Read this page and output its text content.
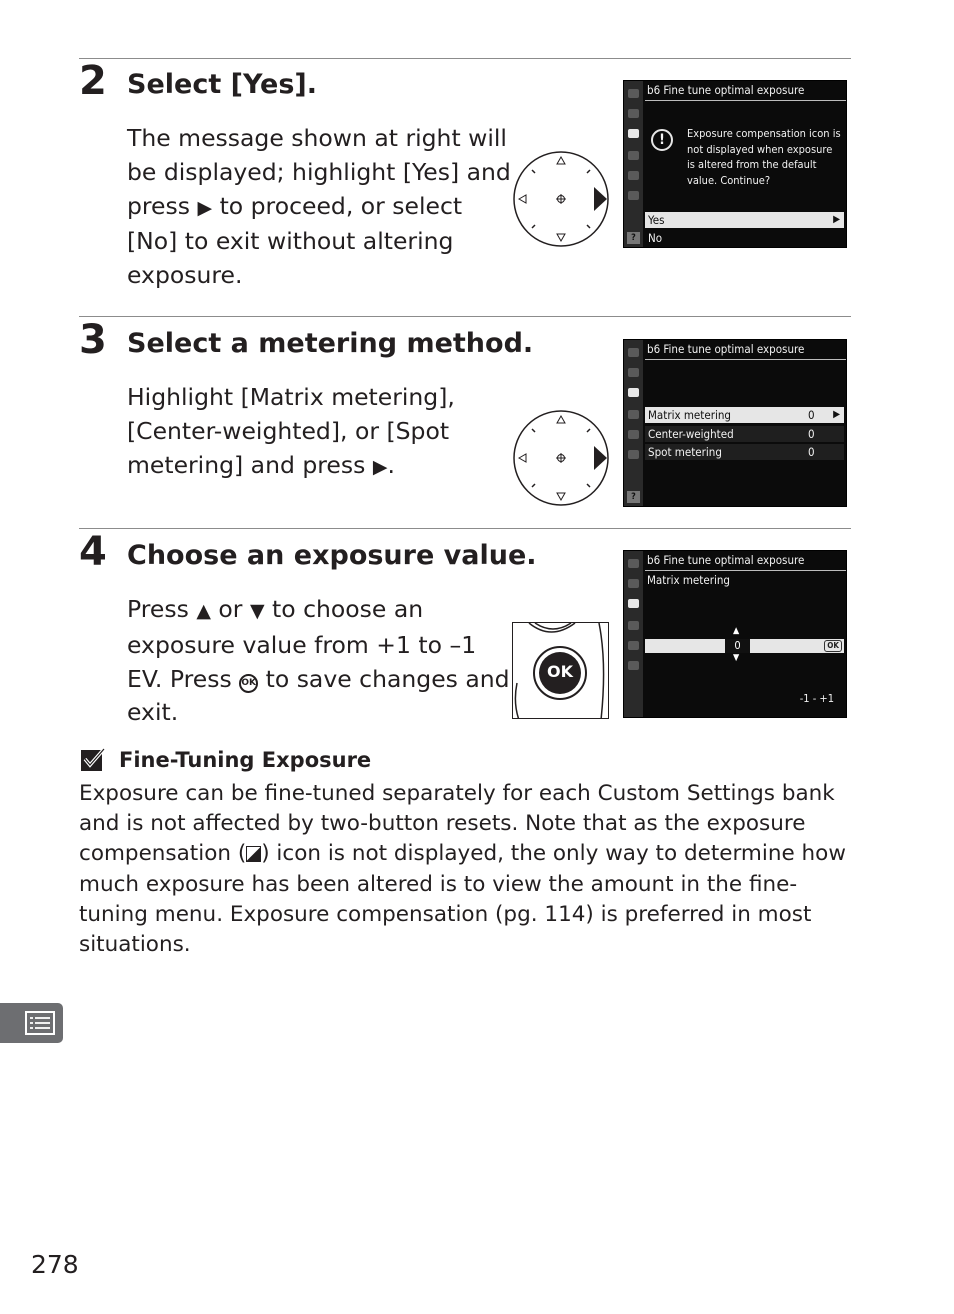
2 Select [Yes].

The message shown at right will be displayed; highlight [Yes] and press ▶ to proceed, or select [No] to exit without altering exposure.

?
b6 Fine tune optimal exposure
!	Exposure compensation icon is not displayed when exposure is altered from the default value. Continue?
Yes	▶
No
3 Select a metering method.

Highlight [Matrix metering], [Center-weighted], or [Spot metering] and press ▶.

?
b6 Fine tune optimal exposure
Matrix metering	0 ▶
Center-weighted	0
Spot metering	0
4 Choose an exposure value.

Press ▲ or ▼ to choose an exposure value from +1 to –1 EV. Press OK to save changes and exit.

OK
b6 Fine tune optimal exposure
Matrix metering
▲
0	OK
▼
-1 - +1
Fine-Tuning Exposure

Exposure can be fine-tuned separately for each Custom Settings bank and is not affected by two-button resets. Note that as the exposure compensation ( ) icon is not displayed, the only way to determine how much exposure has been altered is to view the amount in the fine-tuning menu. Exposure compensation (pg. 114) is preferred in most situations.

278
